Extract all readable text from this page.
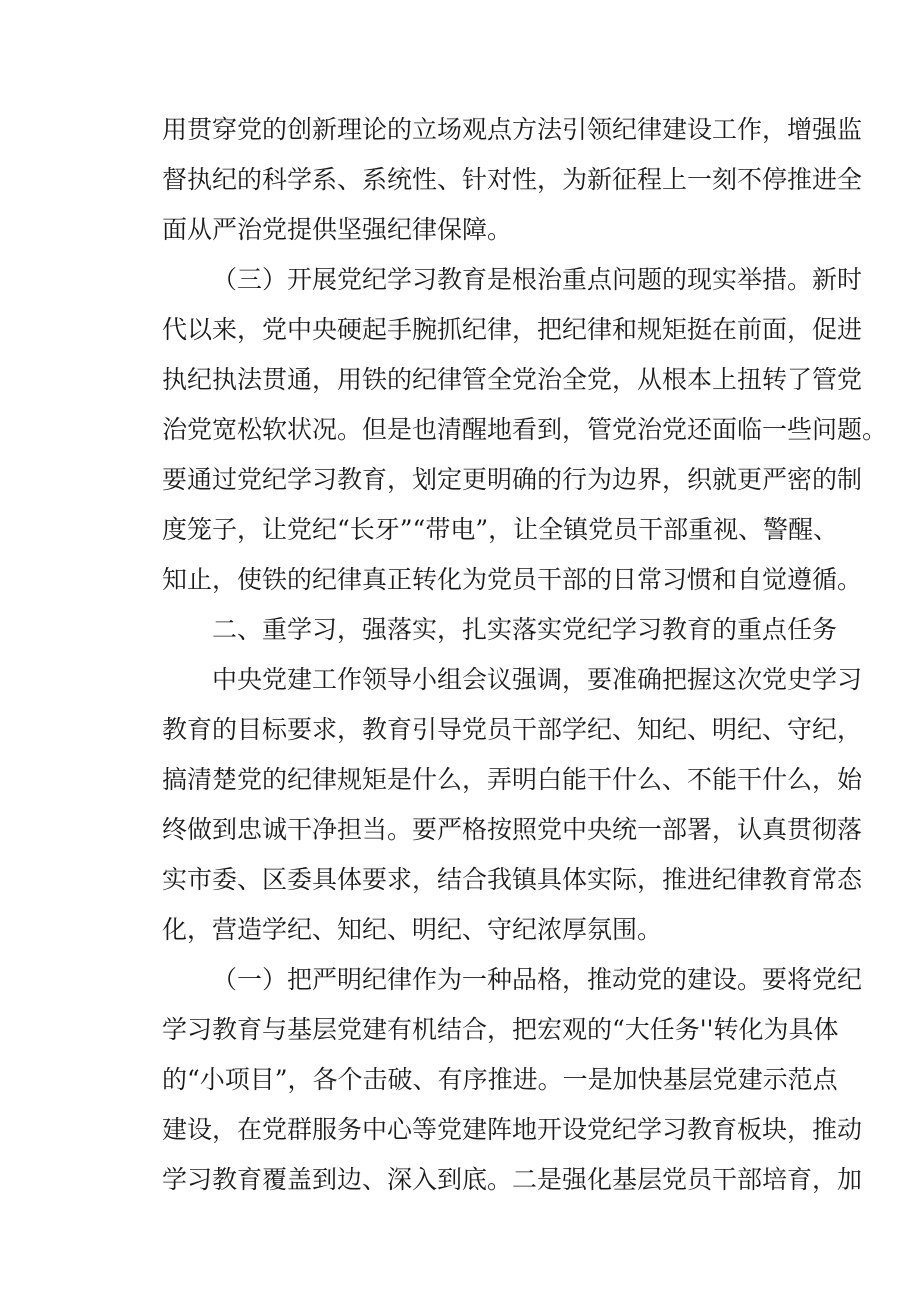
用贯穿党的创新理论的立场观点方法引领纪律建设工作，增强监
督执纪的科学系、系统性、针对性，为新征程上一刻不停推进全
面从严治党提供坚强纪律保障。
（三）开展党纪学习教育是根治重点问题的现实举措。新时
代以来，党中央硬起手腕抓纪律，把纪律和规矩挺在前面，促进
执纪执法贯通，用铁的纪律管全党治全党，从根本上扭转了管党
治党宽松软状况。但是也清醒地看到，管党治党还面临一些问题。
要通过党纪学习教育，划定更明确的行为边界，织就更严密的制
度笼子，让党纪“长牙”“带电”，让全镇党员干部重视、警醒、
知止，使铁的纪律真正转化为党员干部的日常习惯和自觉遵循。
二、重学习，强落实，扎实落实党纪学习教育的重点任务
中央党建工作领导小组会议强调，要准确把握这次党史学习
教育的目标要求，教育引导党员干部学纪、知纪、明纪、守纪，
搞清楚党的纪律规矩是什么，弄明白能干什么、不能干什么，始
终做到忠诚干净担当。要严格按照党中央统一部署，认真贯彻落
实市委、区委具体要求，结合我镇具体实际，推进纪律教育常态
化，营造学纪、知纪、明纪、守纪浓厚氛围。
（一）把严明纪律作为一种品格，推动党的建设。要将党纪
学习教育与基层党建有机结合，把宏观的“大任务''转化为具体
的“小项目”，各个击破、有序推进。一是加快基层党建示范点
建设，在党群服务中心等党建阵地开设党纪学习教育板块，推动
学习教育覆盖到边、深入到底。二是强化基层党员干部培育，加
